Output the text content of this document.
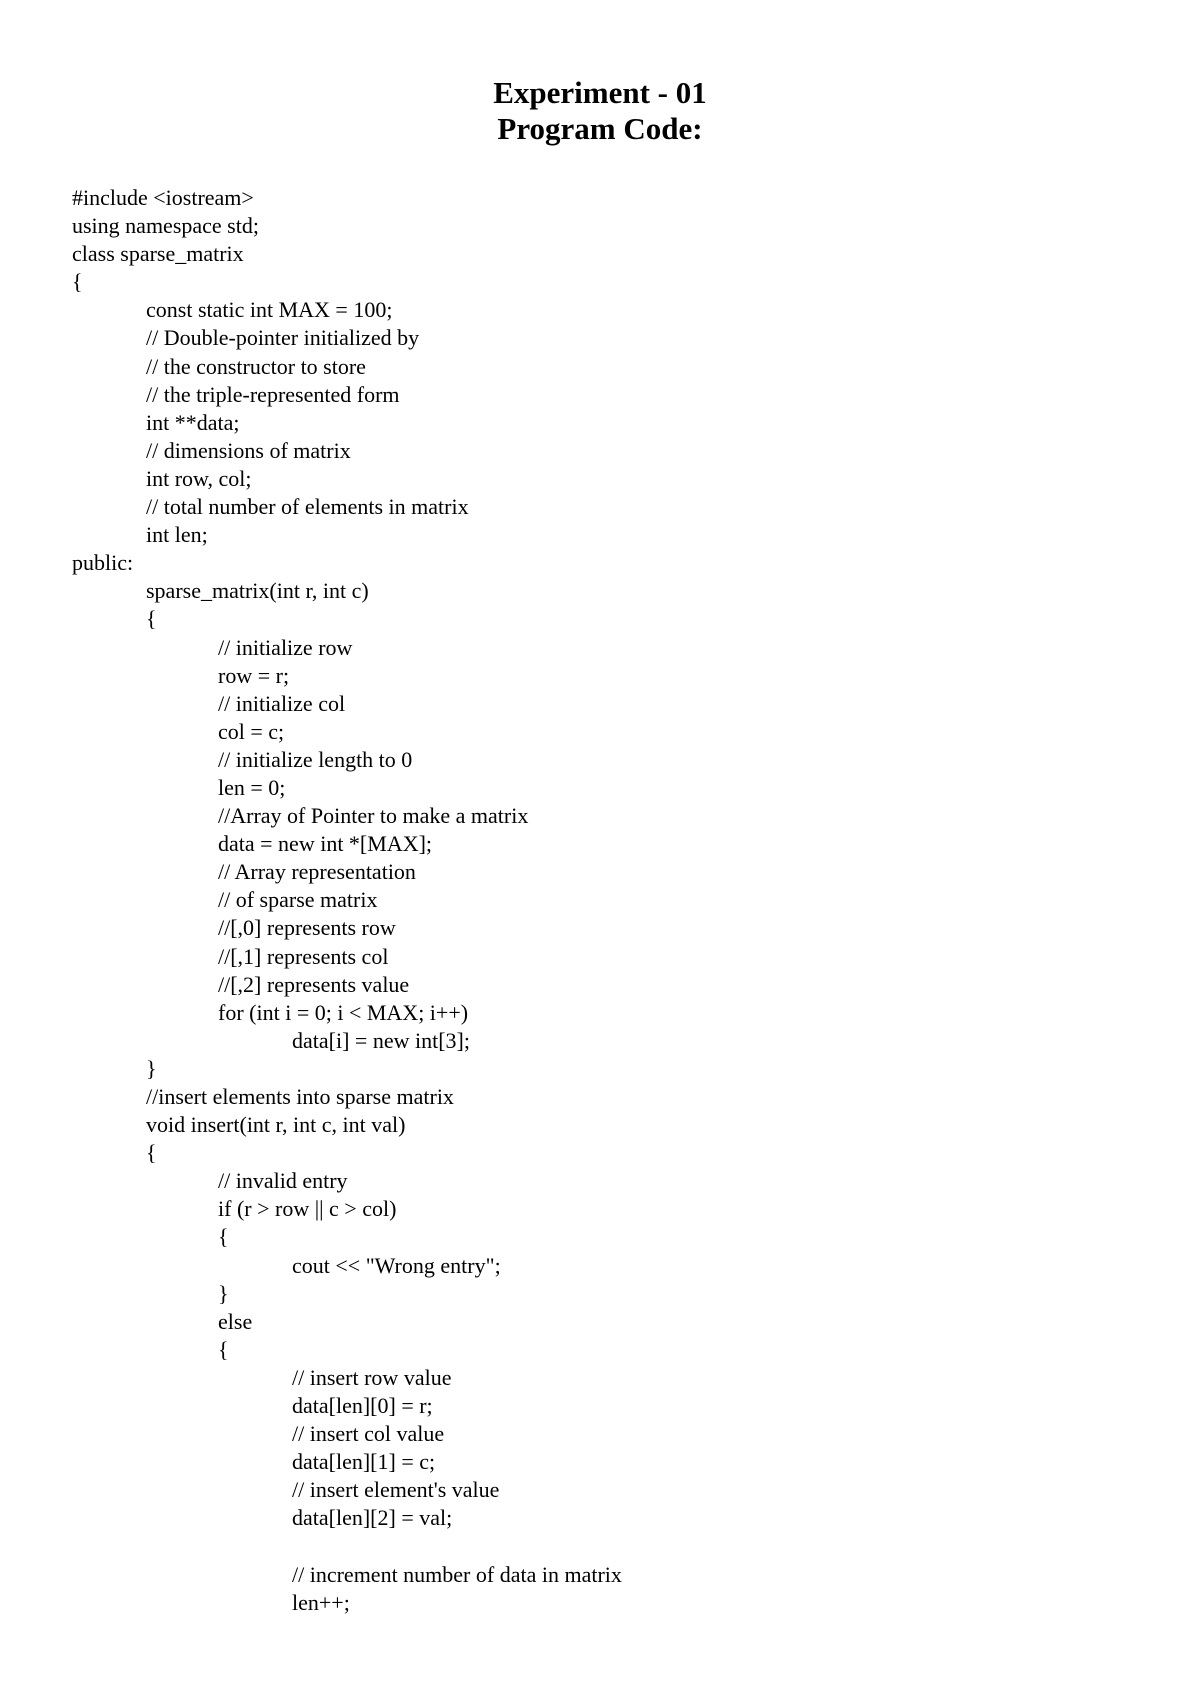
Experiment - 01
Program Code:
#include <iostream>
using namespace std;
class sparse_matrix
{
const static int MAX = 100;
// Double-pointer initialized by
// the constructor to store
// the triple-represented form
int **data;
// dimensions of matrix
int row, col;
// total number of elements in matrix
int len;
public:
sparse_matrix(int r, int c)
{
// initialize row
row = r;
// initialize col
col = c;
// initialize length to 0
len = 0;
//Array of Pointer to make a matrix
data = new int *[MAX];
// Array representation
// of sparse matrix
//[,0] represents row
//[,1] represents col
//[,2] represents value
for (int i = 0; i < MAX; i++)
data[i] = new int[3];
}
//insert elements into sparse matrix
void insert(int r, int c, int val)
{
// invalid entry
if (r > row || c > col)
{
cout << "Wrong entry";
}
else
{
// insert row value
data[len][0] = r;
// insert col value
data[len][1] = c;
// insert element's value
data[len][2] = val;
// increment number of data in matrix
len++;
